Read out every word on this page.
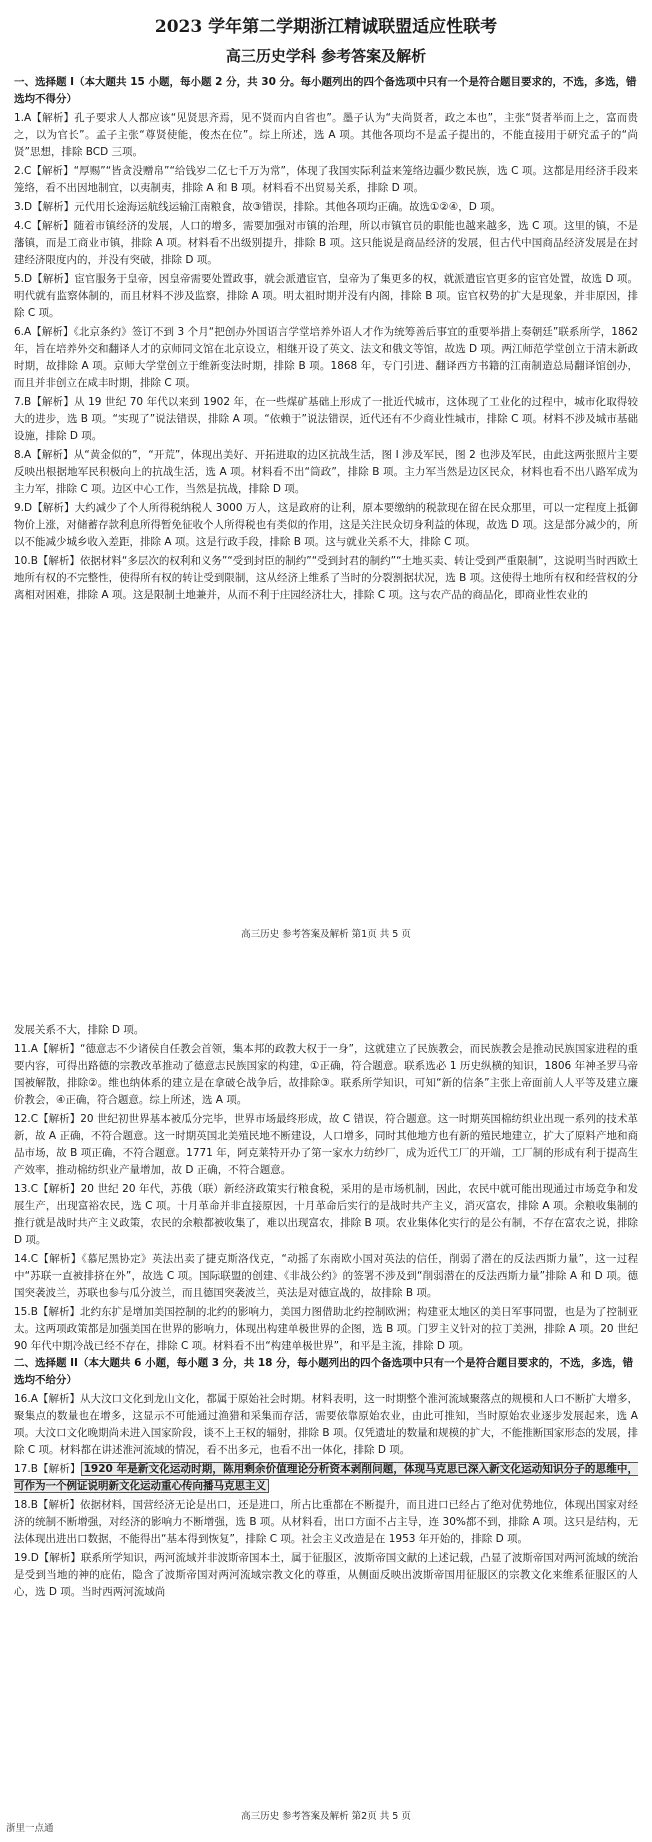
2023 学年第二学期浙江精诚联盟适应性联考
高三历史学科 参考答案及解析

一、选择题 I（本大题共 15 小题，每小题 2 分，共 30 分。每小题列出的四个备选项中只有一个是符合题目要求的，不选，多选，错选均不得分）

1.A【解析】孔子要求人人都应该“见贤思齐焉，见不贤而内自省也”。墨子认为“夫尚贤者，政之本也”，主张“贤者举而上之，富而贵之，以为官长”。孟子主张“尊贤使能，俊杰在位”。综上所述，选 A 项。其他各项均不是孟子提出的，不能直接用于研究孟子的“尚贤”思想，排除 BCD 三项。

2.C【解析】“厚赐”“皆贪没赠帛”“给钱岁二亿七千万为常”，体现了我国实际利益来笼络边疆少数民族，选 C 项。这都是用经济手段来笼络，看不出因地制宜，以夷制夷，排除 A 和 B 项。材料看不出贸易关系，排除 D 项。

3.D【解析】元代用长途海运航线运输江南粮食，故③错误，排除。其他各项均正确。故选①②④，D 项。

4.C【解析】随着市镇经济的发展，人口的增多，需要加强对市镇的治理，所以市镇官员的职能也越来越多，选 C 项。这里的镇，不是藩镇，而是工商业市镇，排除 A 项。材料看不出级别提升，排除 B 项。这只能说是商品经济的发展，但古代中国商品经济发展是在封建经济限度内的，并没有突破，排除 D 项。

5.D【解析】宦官服务于皇帝，因皇帝需要处置政事，就会派遣宦官，皇帝为了集更多的权，就派遣宦官更多的宦官处置，故选 D 项。明代就有监察体制的，而且材料不涉及监察，排除 A 项。明太祖时期并没有内阁，排除 B 项。宦官权势的扩大是现象，并非原因，排除 C 项。

6.A【解析】《北京条约》签订不到 3 个月“把创办外国语言学堂培养外语人才作为统筹善后事宜的重要举措上奏朝廷”联系所学，1862 年，旨在培养外交和翻译人才的京师同文馆在北京设立，相继开设了英文、法文和俄文等馆，故选 D 项。两江师范学堂创立于清末新政时期，故排除 A 项。京师大学堂创立于维新变法时期，排除 B 项。1868 年，专门引进、翻译西方书籍的江南制造总局翻译馆创办，而且并非创立在咸丰时期，排除 C 项。

7.B【解析】从 19 世纪 70 年代以来到 1902 年，在一些煤矿基础上形成了一批近代城市，这体现了工业化的过程中，城市化取得较大的进步，选 B 项。“实现了”说法错误，排除 A 项。“依赖于”说法错误，近代还有不少商业性城市，排除 C 项。材料不涉及城市基础设施，排除 D 项。

8.A【解析】从“黄金似的”，“开荒”，体现出美好、开拓进取的边区抗战生活，图 I 涉及军民，图 2 也涉及军民，由此这两张照片主要反映出根据地军民积极向上的抗战生活，选 A 项。材料看不出“筒政”，排除 B 项。主力军当然是边区民众，材料也看不出八路军成为主力军，排除 C 项。边区中心工作，当然是抗战，排除 D 项。

9.D【解析】大约减少了个人所得税纳税人 3000 万人，这是政府的让利，原本要缴纳的税款现在留在民众那里，可以一定程度上抵御物价上涨，对储蓄存款利息所得暂免征收个人所得税也有类似的作用，这是关注民众切身利益的体现，故选 D 项。这是部分减少的，所以不能减少城乡收入差距，排除 A 项。这是行政手段，排除 B 项。这与就业关系不大，排除 C 项。

10.B【解析】依据材料“多层次的权利和义务”“受到封臣的制约”“受到封君的制约”“土地买卖、转让受到严重限制”，这说明当时西欧土地所有权的不完整性，使得所有权的转让受到限制，这从经济上维系了当时的分裂割据状况，选 B 项。这使得土地所有权和经营权的分离相对困难，排除 A 项。这是限制土地兼并，从而不利于庄园经济壮大，排除 C 项。这与农产品的商品化，即商业性农业的

高三历史 参考答案及解析 第1页 共 5 页

发展关系不大，排除 D 项。

11.A【解析】“德意志不少诸侯自任教会首领，集本邦的政教大权于一身”，这就建立了民族教会，而民族教会是推动民族国家进程的重要内容，可得出路德的宗教改革推动了德意志民族国家的构建，①正确，符合题意。联系选必 1 历史纵横的知识，1806 年神圣罗马帝国被解散，排除②。维也纳体系的建立是在拿破仑战争后，故排除③。联系所学知识，可知“新的信条”主张上帝面前人人平等及建立廉价教会，④正确，符合题意。综上所述，选 A 项。

12.C【解析】20 世纪初世界基本被瓜分完毕，世界市场最终形成，故 C 错误，符合题意。这一时期英国棉纺织业出现一系列的技术革新，故 A 正确，不符合题意。这一时期英国北美殖民地不断建设，人口增多，同时其他地方也有新的殖民地建立，扩大了原料产地和商品市场，故 B 项正确，不符合题意。1771 年，阿克莱特开办了第一家水力纺纱厂，成为近代工厂的开端，工厂制的形成有利于提高生产效率，推动棉纺织业产量增加，故 D 正确，不符合题意。

13.C【解析】20 世纪 20 年代，苏俄（联）新经济政策实行粮食税，采用的是市场机制，因此，农民中就可能出现通过市场竞争和发展生产，出现富裕农民，选 C 项。十月革命并非直接原因，十月革命后实行的是战时共产主义，消灭富农，排除 A 项。余粮收集制的推行就是战时共产主义政策，农民的余粮都被收集了，难以出现富农，排除 B 项。农业集体化实行的是公有制，不存在富农之说，排除 D 项。

14.C【解析】《慕尼黑协定》英法出卖了捷克斯洛伐克，“动摇了东南欧小国对英法的信任，削弱了潜在的反法西斯力量”，这一过程中“苏联一直被排挤在外”，故选 C 项。国际联盟的创建、《非战公约》的签署不涉及到“削弱潜在的反法西斯力量”排除 A 和 D 项。德国突袭波兰，苏联也参与瓜分波兰，而且德国突袭波兰，英法是对德宣战的，故排除 B 项。

15.B【解析】北约东扩是增加美国控制的北约的影响力，美国力图借助北约控制欧洲；构建亚太地区的美日军事同盟，也是为了控制亚太。这两项政策都是加强美国在世界的影响力，体现出构建单极世界的企图，选 B 项。门罗主义针对的拉丁美洲，排除 A 项。20 世纪 90 年代中期冷战已经不存在，排除 C 项。材料看不出“构建单极世界”，和平是主流，排除 D 项。

二、选择题 II（本大题共 6 小题，每小题 3 分，共 18 分，每小题列出的四个备选项中只有一个是符合题目要求的，不选，多选，错选均不给分）

16.A【解析】从大汶口文化到龙山文化，都属于原始社会时期。材料表明，这一时期整个淮河流域聚落点的规模和人口不断扩大增多，聚集点的数量也在增多，这显示不可能通过渔猎和采集而存活，需要依靠原始农业，由此可推知，当时原始农业逐步发展起来，选 A 项。大汶口文化晚期尚未进入国家阶段，谈不上王权的辐射，排除 B 项。仅凭遗址的数量和规模的扩大，不能推断国家形态的发展，排除 C 项。材料都在讲述淮河流域的情况，看不出多元，也看不出一体化，排除 D 项。

17.B【解析】 1920 年是新文化运动时期，陈用剩余价值理论分析资本剥削问题，体现马克思已深入新文化运动知识分子的思维中，可作为一个例证说明新文化运动重心传向播马克思主义

18.B【解析】依据材料，国营经济无论是出口，还是进口，所占比重都在不断提升，而且进口已经占了绝对优势地位，体现出国家对经济的统制不断增强，对经济的影响力不断增强，选 B 项。从材料看，出口方面不占主导，连 30%都不到，排除 A 项。这只是结构，无法体现出进出口数据，不能得出“基本得到恢复”，排除 C 项。社会主义改造是在 1953 年开始的，排除 D 项。

19.D【解析】联系所学知识，两河流域并非波斯帝国本土，属于征服区，波斯帝国文献的上述记载，凸显了波斯帝国对两河流域的统治是受到当地的神的庇佑，隐含了波斯帝国对两河流域宗教文化的尊重，从侧面反映出波斯帝国用征服区的宗教文化来维系征服区的人心，选 D 项。当时西两河流域尚

高三历史 参考答案及解析 第2页 共 5 页
浙里一点通
